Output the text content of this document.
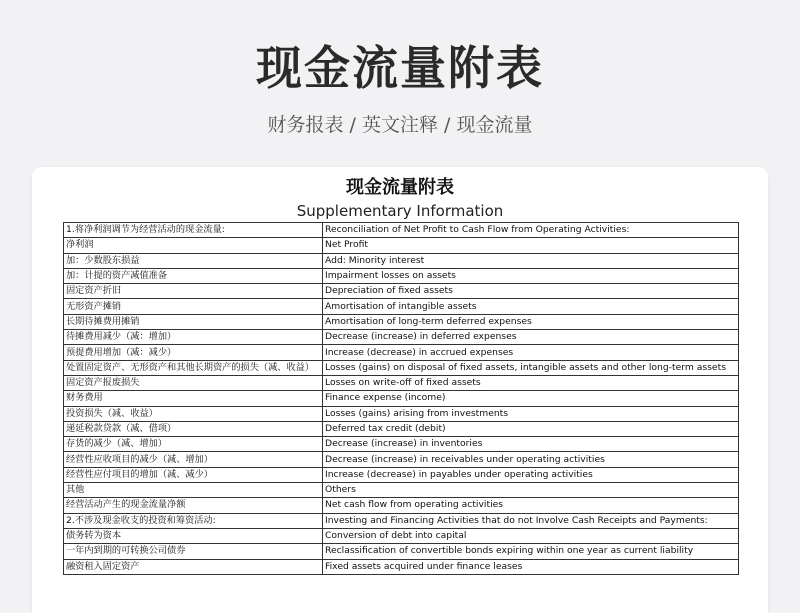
现金流量附表
财务报表 / 英文注释 / 现金流量
现金流量附表
Supplementary Information
1.将净利润调节为经营活动的现金流量:	Reconciliation of Net Profit to Cash Flow from Operating Activities:
净利润	Net Profit
加：少数股东损益	Add: Minority interest
加：计提的资产减值准备	Impairment losses on assets
固定资产折旧	Depreciation of fixed assets
无形资产摊销	Amortisation of intangible assets
长期待摊费用摊销	Amortisation of long-term deferred expenses
待摊费用减少（减：增加）	Decrease (increase) in deferred expenses
预提费用增加（减：减少）	Increase (decrease) in accrued expenses
处置固定资产、无形资产和其他长期资产的损失（减、收益）	Losses (gains) on disposal of fixed assets, intangible assets and other long-term assets
固定资产报废损失	Losses on write-off of fixed assets
财务费用	Finance expense (income)
投资损失（减、收益）	Losses (gains) arising from investments
递延税款贷款（减、借项）	Deferred tax credit (debit)
存货的减少（减、增加）	Decrease (increase) in inventories
经营性应收项目的减少（减、增加）	Decrease (increase) in receivables under operating activities
经营性应付项目的增加（减、减少）	Increase (decrease) in payables under operating activities
其他	Others
经营活动产生的现金流量净额	Net cash flow from operating activities
2.不涉及现金收支的投资和筹资活动:	Investing and Financing Activities that do not Involve Cash Receipts and Payments:
债务转为资本	Conversion of debt into capital
一年内到期的可转换公司债券	Reclassification of convertible bonds expiring within one year as current liability
融资租入固定资产	Fixed assets acquired under finance leases
